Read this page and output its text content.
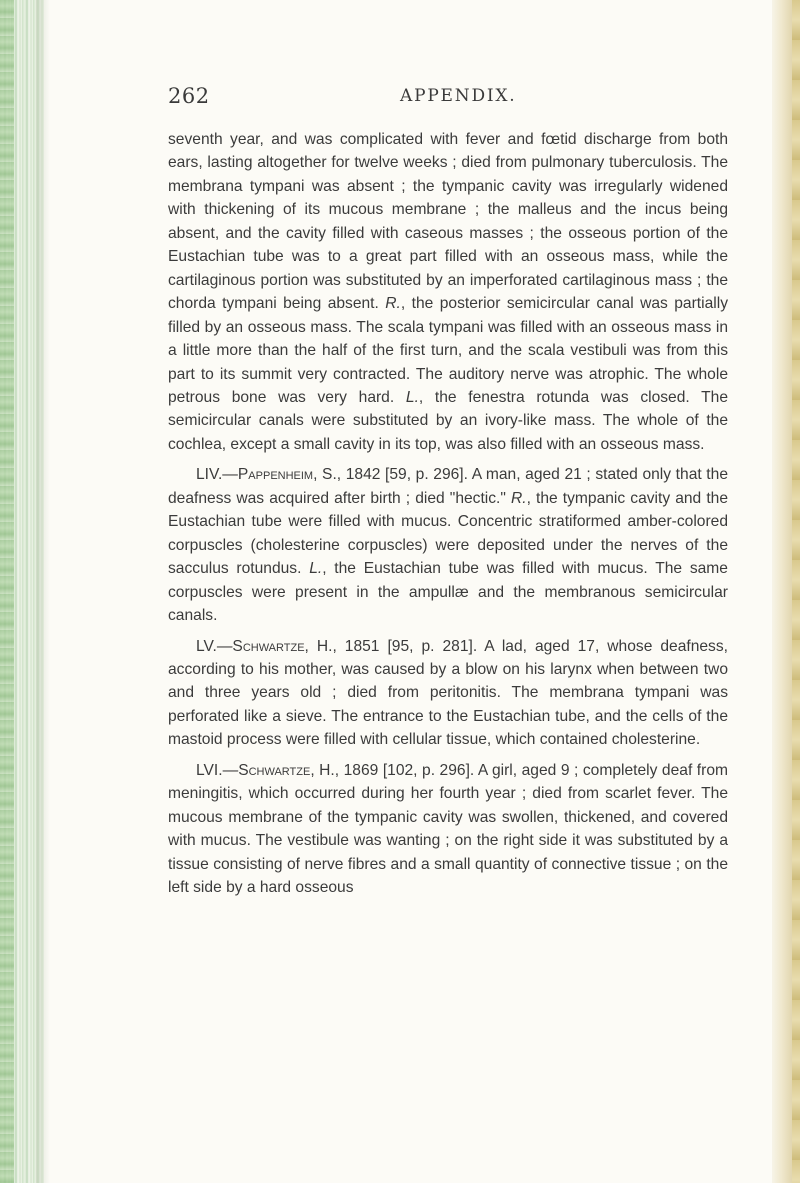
262	APPENDIX.

seventh year, and was complicated with fever and fœtid discharge from both ears, lasting altogether for twelve weeks ; died from pulmonary tuberculosis. The membrana tympani was absent ; the tympanic cavity was irregularly widened with thickening of its mucous membrane ; the malleus and the incus being absent, and the cavity filled with caseous masses ; the osseous portion of the Eustachian tube was to a great part filled with an osseous mass, while the cartilaginous portion was substituted by an imperforated cartilaginous mass ; the chorda tympani being absent. R., the posterior semicircular canal was partially filled by an osseous mass. The scala tympani was filled with an osseous mass in a little more than the half of the first turn, and the scala vestibuli was from this part to its summit very contracted. The auditory nerve was atrophic. The whole petrous bone was very hard. L., the fenestra rotunda was closed. The semicircular canals were substituted by an ivory-like mass. The whole of the cochlea, except a small cavity in its top, was also filled with an osseous mass.

LIV.—Pappenheim, S., 1842 [59, p. 296]. A man, aged 21 ; stated only that the deafness was acquired after birth ; died "hectic." R., the tympanic cavity and the Eustachian tube were filled with mucus. Concentric stratiformed amber-colored corpuscles (cholesterine corpuscles) were deposited under the nerves of the sacculus rotundus. L., the Eustachian tube was filled with mucus. The same corpuscles were present in the ampullæ and the membranous semicircular canals.

LV.—Schwartze, H., 1851 [95, p. 281]. A lad, aged 17, whose deafness, according to his mother, was caused by a blow on his larynx when between two and three years old ; died from peritonitis. The membrana tympani was perforated like a sieve. The entrance to the Eustachian tube, and the cells of the mastoid process were filled with cellular tissue, which contained cholesterine.

LVI.—Schwartze, H., 1869 [102, p. 296]. A girl, aged 9 ; completely deaf from meningitis, which occurred during her fourth year ; died from scarlet fever. The mucous membrane of the tympanic cavity was swollen, thickened, and covered with mucus. The vestibule was wanting ; on the right side it was substituted by a tissue consisting of nerve fibres and a small quantity of connective tissue ; on the left side by a hard osseous
